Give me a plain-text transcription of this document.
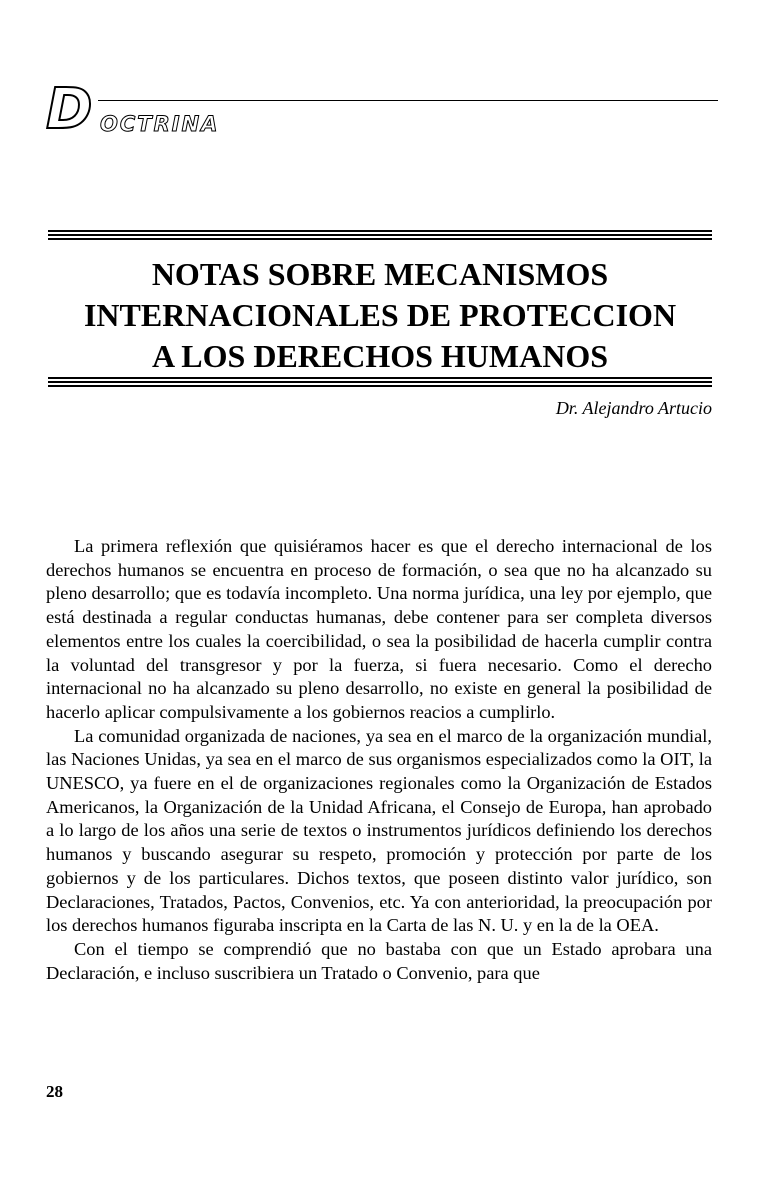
D OCTRINA
NOTAS SOBRE MECANISMOS
INTERNACIONALES DE PROTECCION
A LOS DERECHOS HUMANOS
Dr. Alejandro Artucio

La primera reflexión que quisiéramos hacer es que el derecho internacional de los derechos humanos se encuentra en proceso de formación, o sea que no ha alcanzado su pleno desarrollo; que es todavía incompleto. Una norma jurídica, una ley por ejemplo, que está destinada a regular conductas humanas, debe contener para ser completa diversos elementos entre los cuales la coercibilidad, o sea la posibilidad de hacerla cumplir contra la voluntad del transgresor y por la fuerza, si fuera necesario. Como el derecho internacional no ha alcanzado su pleno desarrollo, no existe en general la posibilidad de hacerlo aplicar compulsivamente a los gobiernos reacios a cumplirlo.

La comunidad organizada de naciones, ya sea en el marco de la organización mundial, las Naciones Unidas, ya sea en el marco de sus organismos especializados como la OIT, la UNESCO, ya fuere en el de organizaciones regionales como la Organización de Estados Americanos, la Organización de la Unidad Africana, el Consejo de Europa, han aprobado a lo largo de los años una serie de textos o instrumentos jurídicos definiendo los derechos humanos y buscando asegurar su respeto, promoción y protección por parte de los gobiernos y de los particulares. Dichos textos, que poseen distinto valor jurídico, son Declaraciones, Tratados, Pactos, Convenios, etc. Ya con anterioridad, la preocupación por los derechos humanos figuraba inscripta en la Carta de las N. U. y en la de la OEA.

Con el tiempo se comprendió que no bastaba con que un Estado aprobara una Declaración, e incluso suscribiera un Tratado o Convenio, para que

28
